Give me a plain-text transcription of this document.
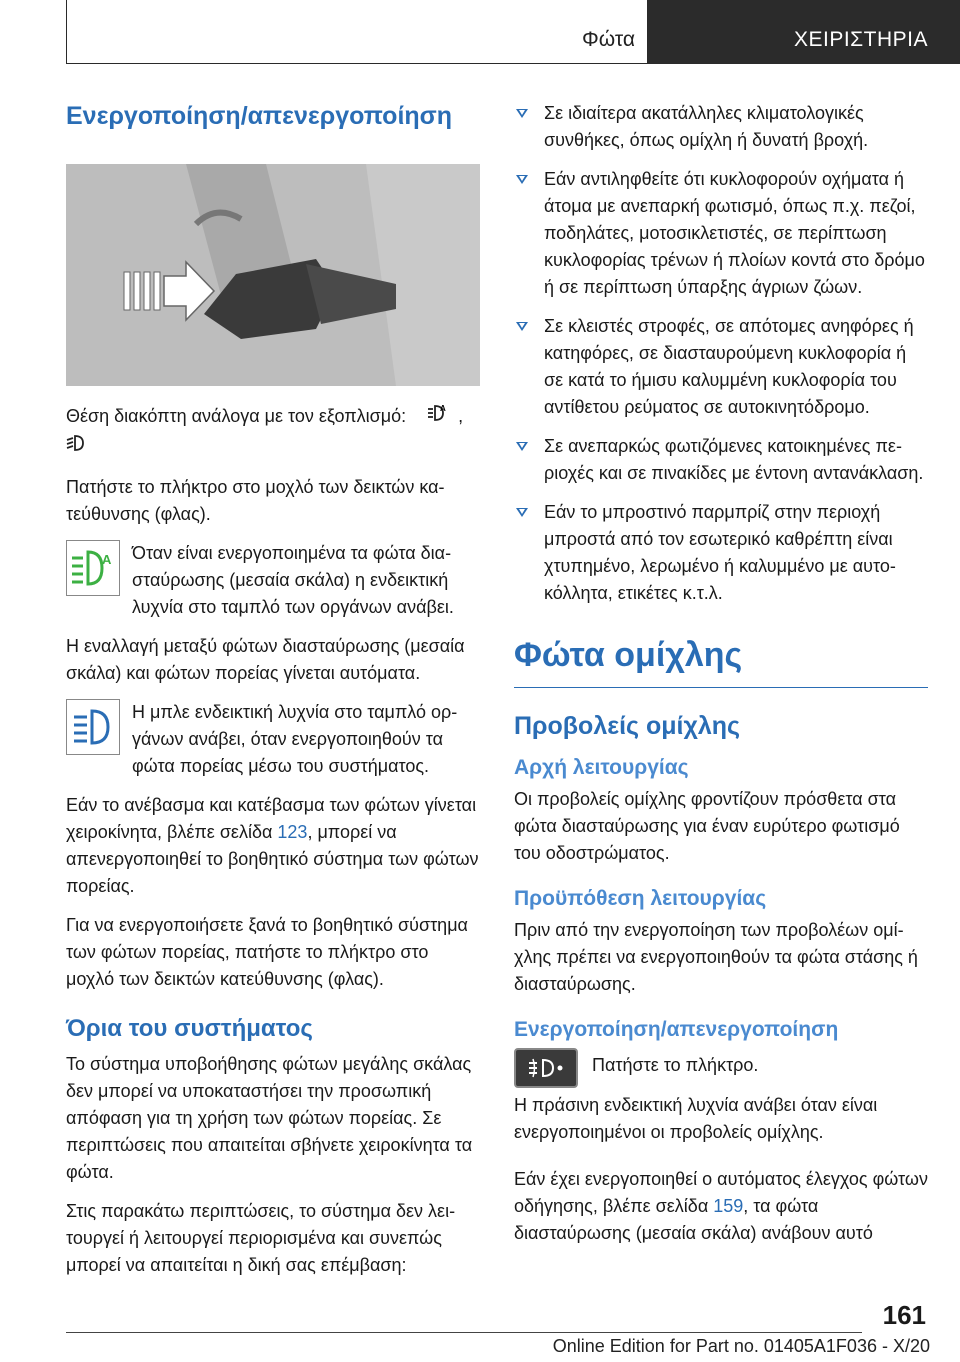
Φώτα	ΧΕΙΡΙΣΤΗΡΙΑ
Ενεργοποίηση/απενεργοποίηση

Θέση διακόπτη ανάλογα με τον εξοπλισμό:	A ,

Πατήστε το πλήκτρο στο μοχλό των δεικτών κατεύθυνσης (φλας).

A Όταν είναι ενεργοποιημένα τα φώτα διασταύρωσης (μεσαία σκάλα) η ενδεικτική λυχνία στο ταμπλό των οργάνων ανάβει.

Η εναλλαγή μεταξύ φώτων διασταύρωσης (μεσαία σκάλα) και φώτων πορείας γίνεται αυτόματα.

Η μπλε ενδεικτική λυχνία στο ταμπλό οργάνων ανάβει, όταν ενεργοποιηθούν τα φώτα πορείας μέσω του συστήματος.

Εάν το ανέβασμα και κατέβασμα των φώτων γίνεται χειροκίνητα, βλέπε σελίδα 123, μπορεί να απενεργοποιηθεί το βοηθητικό σύστημα των φώτων πορείας.

Για να ενεργοποιήσετε ξανά το βοηθητικό σύστημα των φώτων πορείας, πατήστε το πλήκτρο στο μοχλό των δεικτών κατεύθυνσης (φλας).

Όρια του συστήματος

Το σύστημα υποβοήθησης φώτων μεγάλης σκάλας δεν μπορεί να υποκαταστήσει την προσωπική απόφαση για τη χρήση των φώτων πορείας. Σε περιπτώσεις που απαιτείται σβήνετε χειροκίνητα τα φώτα.

Στις παρακάτω περιπτώσεις, το σύστημα δεν λειτουργεί ή λειτουργεί περιορισμένα και συνεπώς μπορεί να απαιτείται η δική σας επέμβαση:

Σε ιδιαίτερα ακατάλληλες κλιματολογικές συνθήκες, όπως ομίχλη ή δυνατή βροχή.
Εάν αντιληφθείτε ότι κυκλοφορούν οχήματα ή άτομα με ανεπαρκή φωτισμό, όπως π.χ. πεζοί, ποδηλάτες, μοτοσικλετιστές, σε περίπτωση κυκλοφορίας τρένων ή πλοίων κοντά στο δρόμο ή σε περίπτωση ύπαρξης άγριων ζώων.
Σε κλειστές στροφές, σε απότομες ανηφόρες ή κατηφόρες, σε διασταυρούμενη κυκλοφορία ή σε κατά το ήμισυ καλυμμένη κυκλοφορία του αντίθετου ρεύματος σε αυτοκινητόδρομο.
Σε ανεπαρκώς φωτιζόμενες κατοικημένες περιοχές και σε πινακίδες με έντονη αντανάκλαση.
Εάν το μπροστινό παρμπρίζ στην περιοχή μπροστά από τον εσωτερικό καθρέπτη είναι χτυπημένο, λερωμένο ή καλυμμένο με αυτοκόλλητα, ετικέτες κ.τ.λ.
Φώτα ομίχλης
Προβολείς ομίχλης
Αρχή λειτουργίας

Οι προβολείς ομίχλης φροντίζουν πρόσθετα στα φώτα διασταύρωσης για έναν ευρύτερο φωτισμό του οδοστρώματος.

Προϋπόθεση λειτουργίας

Πριν από την ενεργοποίηση των προβολέων ομίχλης πρέπει να ενεργοποιηθούν τα φώτα στάσης ή διασταύρωσης.

Ενεργοποίηση/απενεργοποίηση

Πατήστε το πλήκτρο.

Η πράσινη ενδεικτική λυχνία ανάβει όταν είναι ενεργοποιημένοι οι προβολείς ομίχλης.

Εάν έχει ενεργοποιηθεί ο αυτόματος έλεγχος φώτων οδήγησης, βλέπε σελίδα 159, τα φώτα διασταύρωσης (μεσαία σκάλα) ανάβουν αυτό

161
Online Edition for Part no. 01405A1F036 - X/20
